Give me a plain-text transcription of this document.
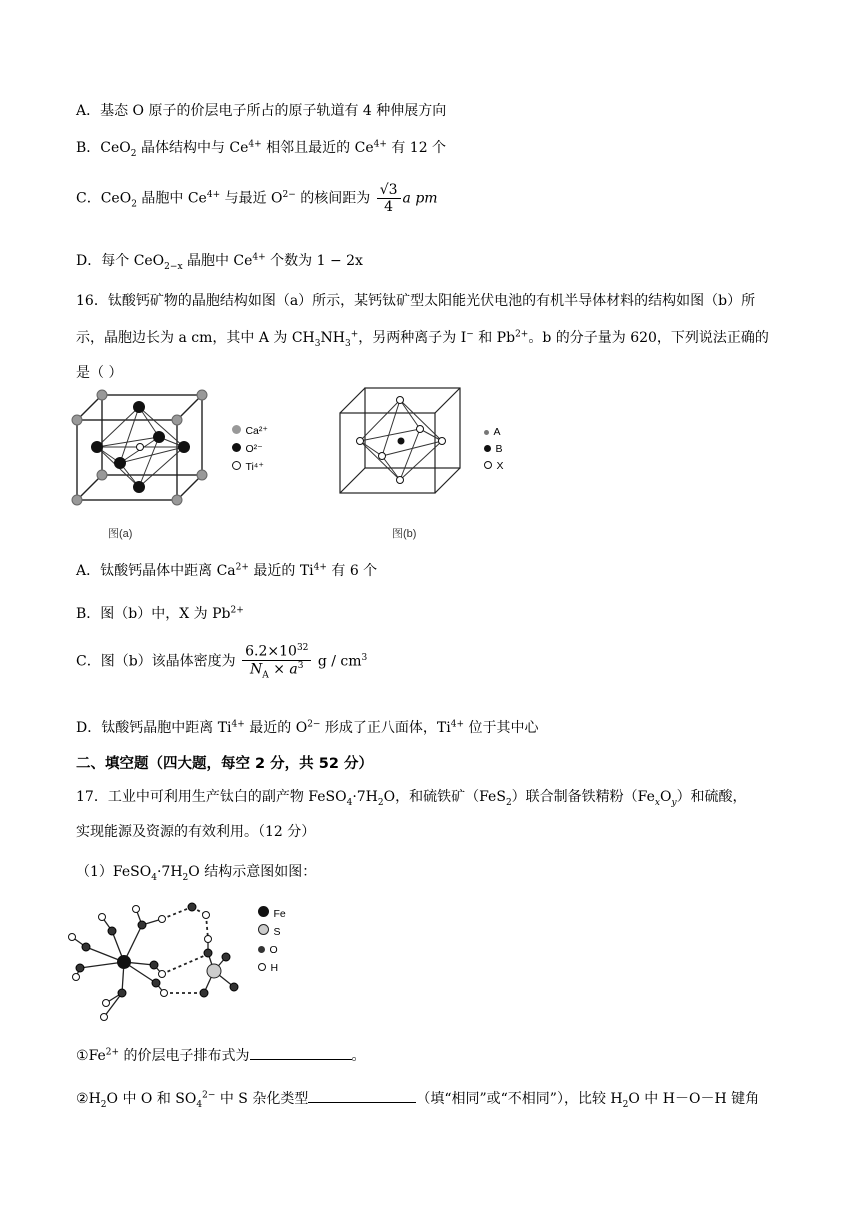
A．基态 O 原子的价层电子所占的原子轨道有 4 种伸展方向
B．CeO$_2$ 晶体结构中与 $Ce^{4+}$ 相邻且最近的 $Ce^{4+}$ 有 12 个
C．CeO$_2$ 晶胞中 $Ce^{4+}$ 与最近 $O^{2-}$ 的核间距为 $\frac{√3}{4}$ a pm
D．每个 CeO$_{2-x}$ 晶胞中 $Ce^{4+}$ 个数为 1 − 2x
16．钛酸钙矿物的晶胞结构如图（a）所示，某钙钛矿型太阳能光伏电池的有机半导体材料的结构如图（b）所
示，晶胞边长为 a cm，其中 A 为 $CH_3NH_3^+$，另两种离子为 I− 和 $Pb^{2+}$。b 的分子量为 620，下列说法正确的
是（ ）
Ca²⁺
O²⁻
Ti⁴⁺
图(a)
A
B
X
图(b)
A．钛酸钙晶体中距离 $Ca^{2+}$ 最近的 $Ti^{4+}$ 有 6 个
B．图（b）中，X 为 $Pb^{2+}$
C．图（b）该晶体密度为 $\frac{6.2\times 10^{32}}{N_A \times a^3}$ g / $cm^3$
D．钛酸钙晶胞中距离 $Ti^{4+}$ 最近的 $O^{2-}$ 形成了正八面体，$Ti^{4+}$ 位于其中心
二、填空题（四大题，每空 2 分，共 52 分）
17．工业中可利用生产钛白的副产物 $FeSO_4\cdot 7H_2O$，和硫铁矿（FeS$_2$）联合制备铁精粉$(Fe_xO_y)$和硫酸，
实现能源及资源的有效利用。（12 分）
$(1)FeSO_4\cdot 7H_2O$ 结构示意图如图：
Fe
S
O
H
$①Fe^{2+}$ 的价层电子排布式为	。
$②H_2O$ 中 O 和 $SO_4^{2-}$ 中 S 杂化类型	（填“相同”或“不相同”），比较 $H_2O$ 中 H－O－H 键角
